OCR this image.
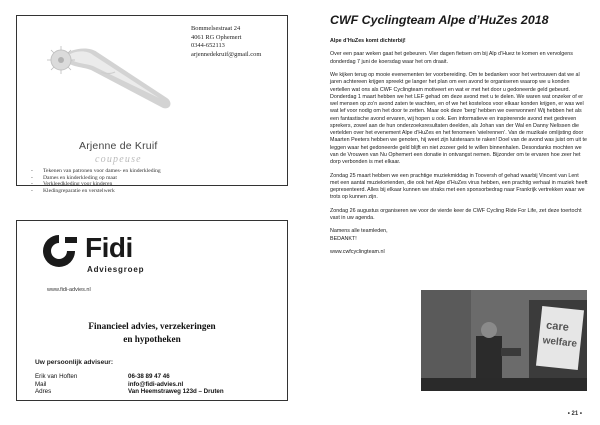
Bommelsestraat 24
4061 RG Ophemert
0344-652113
arjennedekruif@gmail.com
Arjenne de Kruif
coupeuse
- Tekenen van patronen voor dames- en kinderkleding
- Dames en kinderkleding op maat
- Verkleedkleding voor kinderen
- Kledingreparatie en verstelwerk
Fidi
Adviesgroep
www.fidi-advies.nl
Financieel advies, verzekeringen
en hypotheken
Uw persoonlijk adviseur:
Erik van Hoften	06-38 89 47 46
Mail	info@fidi-advies.nl
Adres	Van Heemstraweg 123d – Druten
CWF Cyclingteam Alpe d’HuZes 2018

Alpe d’HuZes komt dichterbij!

Over een paar weken gaat het gebeuren. Vier dagen fietsen om bij Alp d’Huez te komen en vervolgens donderdag 7 juni de koersdag waar het om draait.

We kijken terug op mooie evenementen ter voorbereiding. Om te bedanken voor het vertrouwen dat we al jaren achtereen krijgen spreekt ge langer het plan om een avond te organiseren waarop we u konden vertellen wat ons als CWF Cyclingteam motiveert en wat er met het door u gedoneerde geld gebeurd. Donderdag 1 maart hebben we het LEF gehad om deze avond met u te delen. We waren wat onzeker of er wel mensen op zo’n avond zaten te wachten, en of we het kosteloos voor elkaar konden krijgen, er was wel wat lef voor nodig om het door te zetten. Maar ook deze ‘berg’ hebben we overwonnen! Wij hebben het als een fantastische avond ervaren, wij hopen u ook. Een informatieve en inspirerende avond met gedreven sprekers, zowel aan de hun onderzoeksresultaten deelden, als Johan van der Wal en Danny Nelissen die vertelden over het evenement Alpe d’HuZes en het fenomeen ‘wielrennen’. Van de muzikale omlijsting door Maarten Peeters hebben we genoten, hij weet zijn luisteraars te raken! Doel van de avond was juist om uit te leggen waar het gedoneerde geld blijft en niet zozeer geld te willen binnenhalen. Desondanks mochten we van de Vrouwen van Nu Ophemert een donatie in ontvangst nemen. Bijzonder om te ervaren hoe zeer het dorp verbonden is met elkaar.

Zondag 25 maart hebben we een prachtige muziekmiddag in Tooversh of gehad waarbij Vincent van Lent met een aantal muziekvrienden, die ook het Alpe d’HuZes virus hebben, een prachtig verhaal in muziek heeft gepresenteerd. Alles bij elkaar kunnen we straks met een sponsorbedrag naar Frankrijk vertrekken waar we trots op kunnen zijn.

Zondag 26 augustus organiseren we voor de vierde keer de CWF Cycling Ride For Life, zet deze toertocht vast in uw agenda.

Namens alle teamleden,
BEDANKT!

www.cwfcyclingteam.nl

care
welfare
• 21 •
